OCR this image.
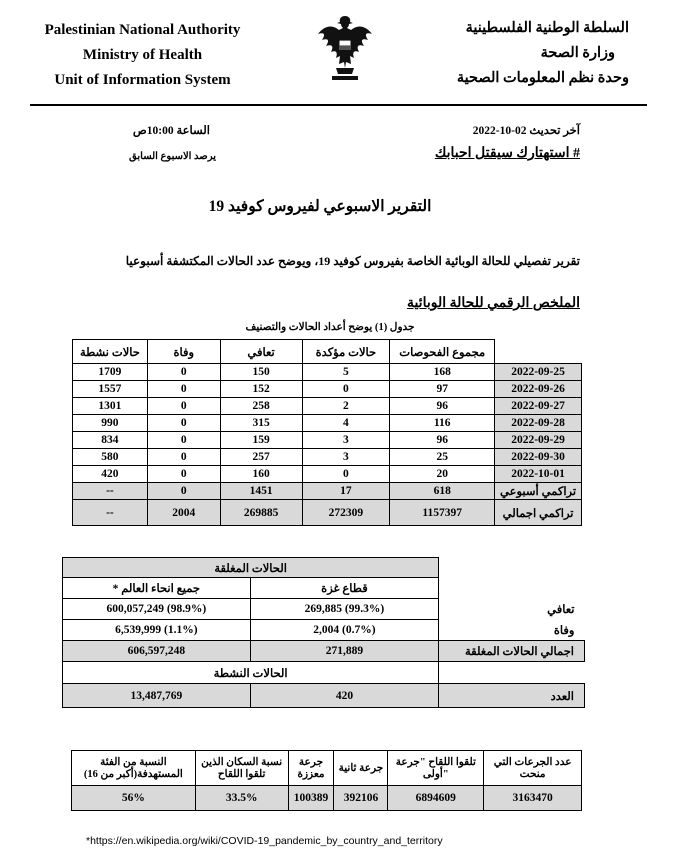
Palestinian National Authority
Ministry of Health
Unit of Information System
السلطة الوطنية الفلسطينية
وزارة الصحة
وحدة نظم المعلومات الصحية
آخر تحديث 02-10-2022
الساعة 10:00ص
# استهتارك سيقتل احبابك
يرصد الاسبوع السابق
التقرير الاسبوعي لفيروس كوفيد 19
تقرير تفصيلي للحالة الوبائية الخاصة بفيروس كوفيد 19، ويوضح عدد الحالات المكتشفة أسبوعيا
الملخص الرقمي للحالة الوبائية
جدول (1) يوضح أعداد الحالات والتصنيف
حالات نشطة	وفاة	تعافي	حالات مؤكدة	مجموع الفحوصات	
1709	0	150	5	168	2022-09-25
1557	0	152	0	97	2022-09-26
1301	0	258	2	96	2022-09-27
990	0	315	4	116	2022-09-28
834	0	159	3	96	2022-09-29
580	0	257	3	25	2022-09-30
420	0	160	0	20	2022-10-01
--	0	1451	17	618	تراكمي أسبوعي
--	2004	269885	272309	1157397	تراكمي اجمالي
الحالات المغلقة		
* جميع انحاء العالم	قطاع غزة	
600,057,249 (98.9%)	269,885 (99.3%)	تعافي
6,539,999 (1.1%)	2,004 (0.7%)	وفاة
606,597,248	271,889	اجمالي الحالات المغلقة
الحالات النشطة		
13,487,769	420	العدد
النسبة من الفئة المستهدفة(أكبر من 16)	نسبة السكان الذين تلقوا اللقاح	جرعة معززة	جرعة ثانية	تلقوا اللقاح "جرعة أولى"	عدد الجرعات التي منحت
56%	33.5%	100389	392106	6894609	3163470
*https://en.wikipedia.org/wiki/COVID-19_pandemic_by_country_and_territory
